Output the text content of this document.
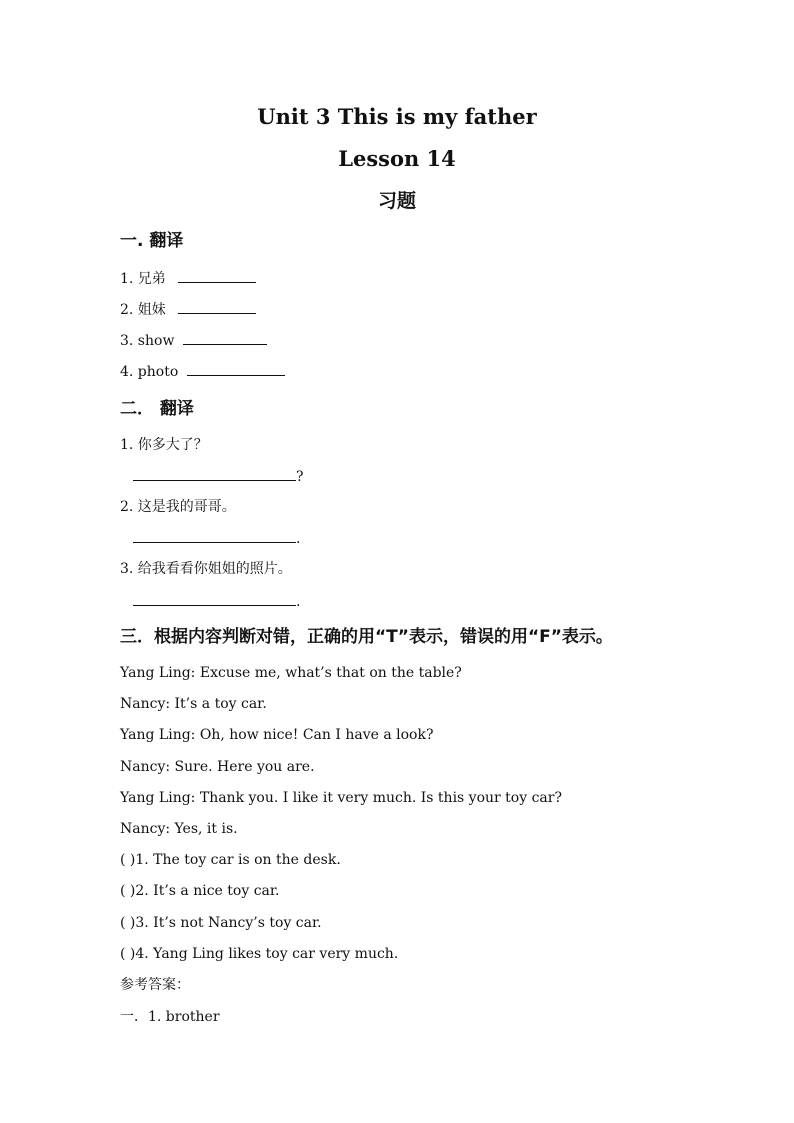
Unit 3 This is my father
Lesson 14
习题
一. 翻译
1. 兄弟
2. 姐妹
3. show
4. photo
二． 翻译
1. 你多大了？
?
2. 这是我的哥哥。
.
3. 给我看看你姐姐的照片。
.
三．根据内容判断对错，正确的用“T”表示，错误的用“F”表示。
Yang Ling: Excuse me, what’s that on the table?
Nancy: It’s a toy car.
Yang Ling: Oh, how nice! Can I have a look?
Nancy: Sure. Here you are.
Yang Ling: Thank you. I like it very much. Is this your toy car?
Nancy: Yes, it is.
( )1. The toy car is on the desk.
( )2. It’s a nice toy car.
( )3. It’s not Nancy’s toy car.
( )4. Yang Ling likes toy car very much.
参考答案：
一．1. brother
